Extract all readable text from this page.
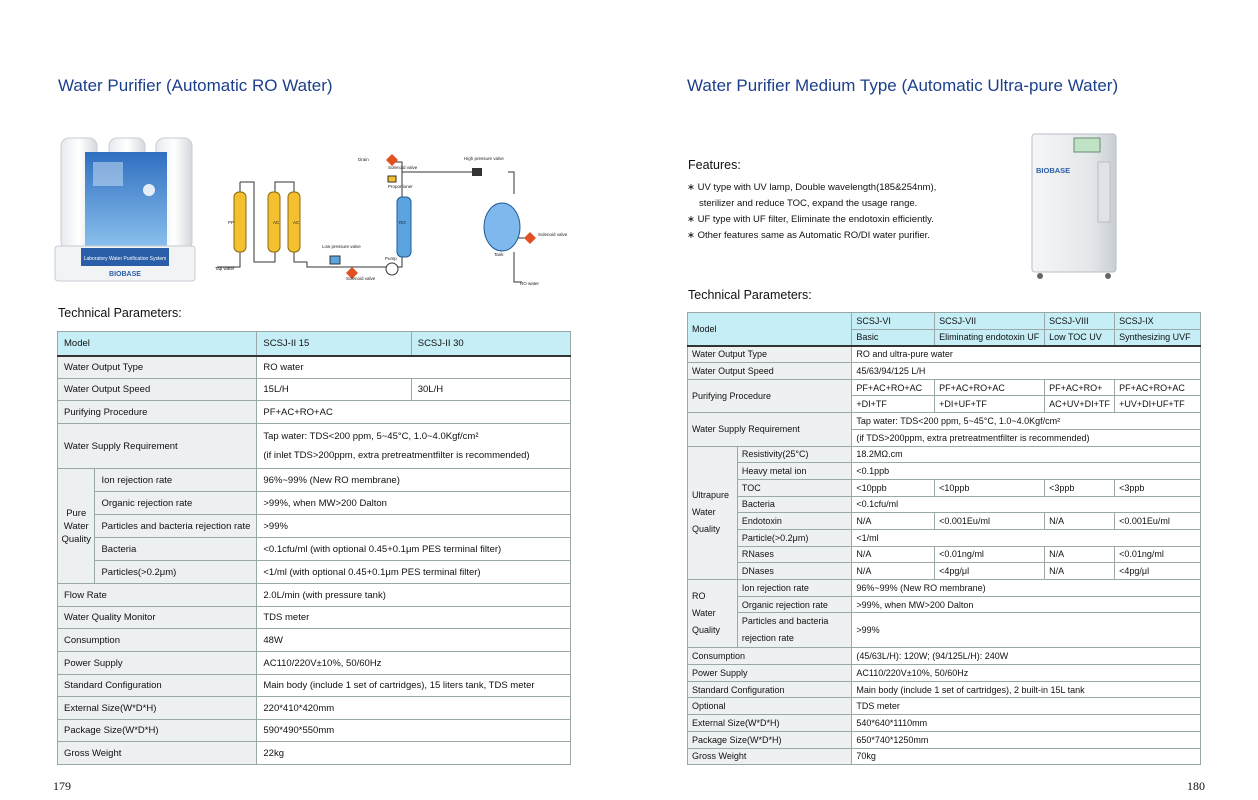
Water Purifier (Automatic RO Water)
Laboratory Water Purification System
BIOBASE
Tap water
PP	AC	AC	RO
Drain
Solenoid valve
Proportioner
High pressure valve
Tank
Solenoid valve
Low pressure valve
Pump
Solenoid valve
RO water
Technical Parameters:
Model		SCSJ-II 15	SCSJ-II 30
Water Output Type		RO water	
Water Output Speed		15L/H	30L/H
Purifying Procedure		PF+AC+RO+AC	
Water Supply Requirement		Tap water: TDS<200 ppm, 5~45°C, 1.0~4.0Kgf/cm²
(if inlet TDS>200ppm, extra pretreatmentfilter is recommended)	

Pure Water Quality	Ion rejection rate	96%~99% (New RO membrane)	
	Organic rejection rate	>99%, when MW>200 Dalton	
	Particles and bacteria rejection rate	>99%	
	Bacteria	<0.1cfu/ml (with optional 0.45+0.1μm PES terminal filter)	
	Particles(>0.2μm)	<1/ml (with optional 0.45+0.1μm PES terminal filter)	
Flow Rate		2.0L/min (with pressure tank)	
Water Quality Monitor		TDS meter	
Consumption		48W	
Power Supply		AC110/220V±10%, 50/60Hz	
Standard Configuration		Main body (include 1 set of cartridges), 15 liters tank, TDS meter	
External Size(W*D*H)		220*410*420mm	
Package Size(W*D*H)		590*490*550mm	
Gross Weight		22kg	
179
Water Purifier Medium Type (Automatic Ultra-pure Water)
Features:
∗ UV type with UV lamp, Double wavelength(185&254nm),
sterilizer and reduce TOC, expand the usage range.
∗ UF type with UF filter, Eliminate the endotoxin efficiently.
∗ Other features same as Automatic RO/DI water purifier.
BIOBASE
Technical Parameters:
Model		SCSJ-VI	SCSJ-VII	SCSJ-VIII	SCSJ-IX
		Basic	Eliminating endotoxin UF	Low TOC UV	Synthesizing UVF
Water Output Type		RO and ultra-pure water			
Water Output Speed		45/63/94/125 L/H			
Purifying Procedure		PF+AC+RO+AC	PF+AC+RO+AC	PF+AC+RO+	PF+AC+RO+AC
		+DI+TF	+DI+UF+TF	AC+UV+DI+TF	+UV+DI+UF+TF
Water Supply Requirement		Tap water: TDS<200 ppm, 5~45°C, 1.0~4.0Kgf/cm²			
		(if TDS>200ppm, extra pretreatmentfilter is recommended)			

Ultrapure
Water
Quality	Resistivity(25°C)	18.2MΩ.cm			
	Heavy metal ion	<0.1ppb			
	TOC	<10ppb	<10ppb	<3ppb	<3ppb
	Bacteria	<0.1cfu/ml			
	Endotoxin	N/A	<0.001Eu/ml	N/A	<0.001Eu/ml
	Particle(>0.2μm)	<1/ml			
	RNases	N/A	<0.01ng/ml	N/A	<0.01ng/ml
	DNases	N/A	<4pg/μl	N/A	<4pg/μl

RO
Water
Quality	Ion rejection rate	96%~99% (New RO membrane)			
	Organic rejection rate	>99%, when MW>200 Dalton			

	Particles and bacteria
rejection rate	>99%			

Consumption		(45/63L/H): 120W; (94/125L/H): 240W			
Power Supply		AC110/220V±10%, 50/60Hz			
Standard Configuration		Main body (include 1 set of cartridges), 2 built-in 15L tank			
Optional		TDS meter			
External Size(W*D*H)		540*640*1110mm			
Package Size(W*D*H)		650*740*1250mm			
Gross Weight		70kg			
180
